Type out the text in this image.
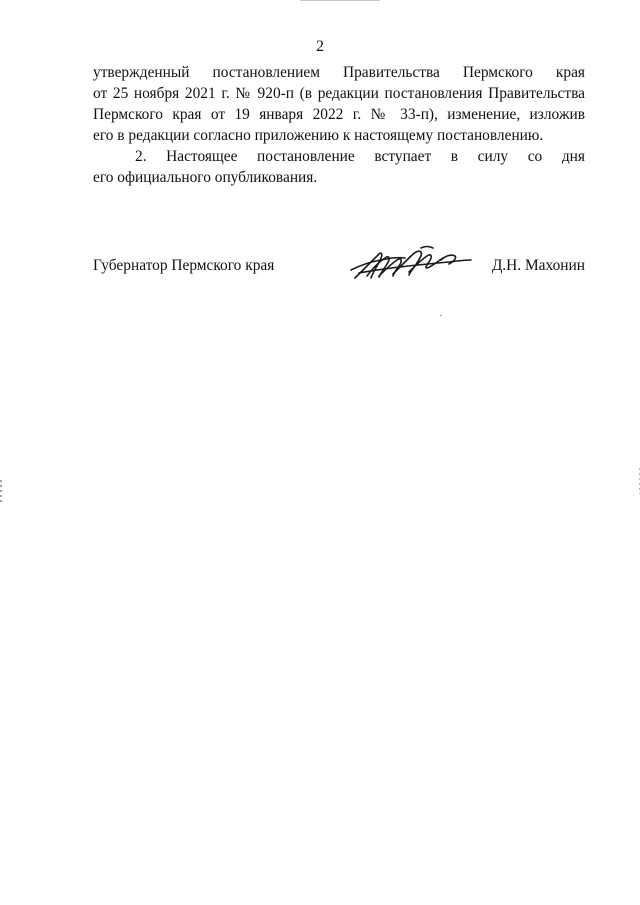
2
утвержденный постановлением Правительства Пермского края
от 25 ноября 2021 г. № 920-п (в редакции постановления Правительства
Пермского края от 19 января 2022 г. № 33-п), изменение, изложив
его в редакции согласно приложению к настоящему постановлению.
2. Настоящее постановление вступает в силу со дня
его официального опубликования.
Губернатор Пермского края	Д.Н. Махонин
